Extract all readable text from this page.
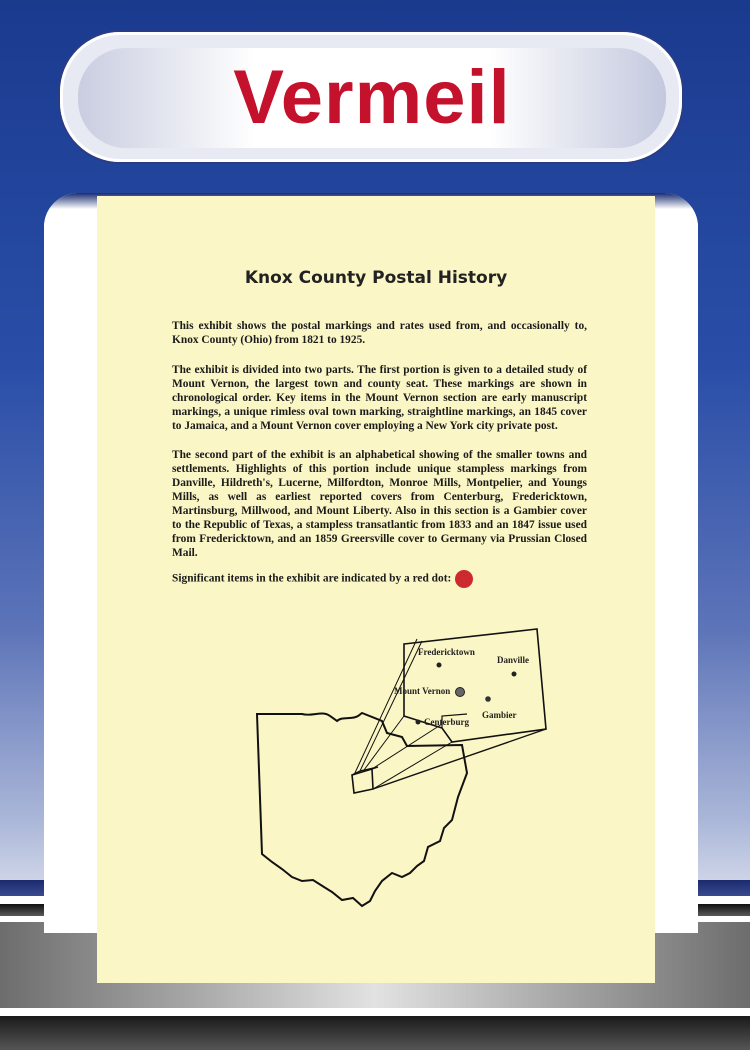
Vermeil
Knox County Postal History
This exhibit shows the postal markings and rates used from, and occasionally to, Knox County (Ohio) from 1821 to 1925.
The exhibit is divided into two parts. The first portion is given to a detailed study of Mount Vernon, the largest town and county seat. These markings are shown in chronological order. Key items in the Mount Vernon section are early manuscript markings, a unique rimless oval town marking, straightline markings, an 1845 cover to Jamaica, and a Mount Vernon cover employing a New York city private post.
The second part of the exhibit is an alphabetical showing of the smaller towns and settlements. Highlights of this portion include unique stampless markings from Danville, Hildreth's, Lucerne, Milfordton, Monroe Mills, Montpelier, and Youngs Mills, as well as earliest reported covers from Centerburg, Fredericktown, Martinsburg, Millwood, and Mount Liberty. Also in this section is a Gambier cover to the Republic of Texas, a stampless transatlantic from 1833 and an 1847 issue used from Fredericktown, and an 1859 Greersville cover to Germany via Prussian Closed Mail.
Significant items in the exhibit are indicated by a red dot:
Fredericktown
Danville
Mount Vernon
Gambier
Centerburg
